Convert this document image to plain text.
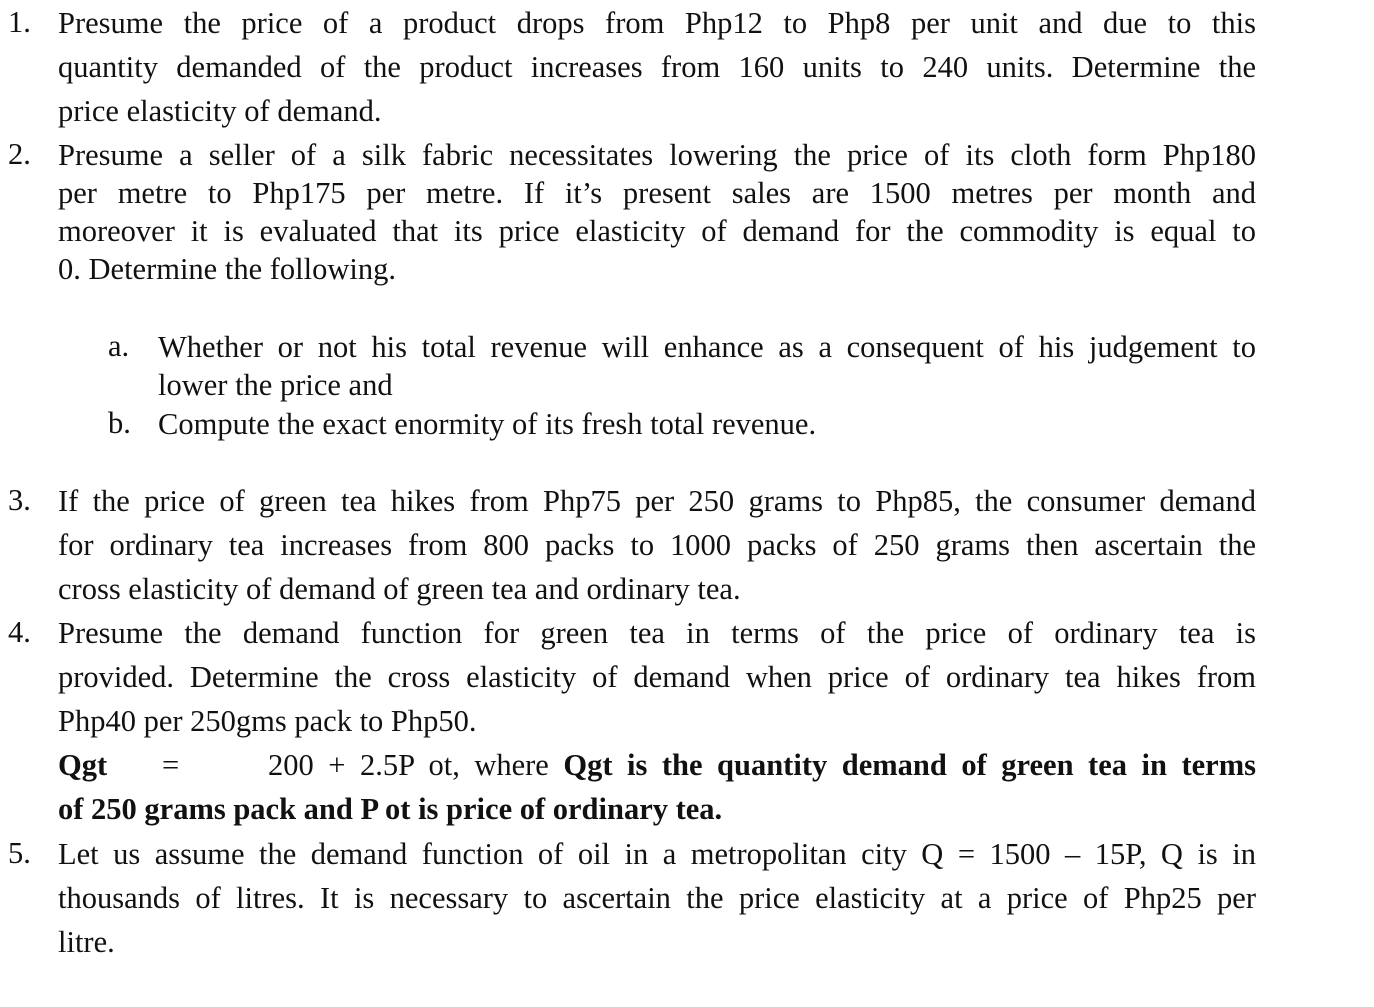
1. Presume the price of a product drops from Php12 to Php8 per unit and due to this
quantity demanded of the product increases from 160 units to 240 units. Determine the
price elasticity of demand.
2. Presume a seller of a silk fabric necessitates lowering the price of its cloth form Php180
per metre to Php175 per metre. If it’s present sales are 1500 metres per month and
moreover it is evaluated that its price elasticity of demand for the commodity is equal to
0. Determine the following.
a. Whether or not his total revenue will enhance as a consequent of his judgement to
lower the price and
b. Compute the exact enormity of its fresh total revenue.
3. If the price of green tea hikes from Php75 per 250 grams to Php85, the consumer demand
for ordinary tea increases from 800 packs to 1000 packs of 250 grams then ascertain the
cross elasticity of demand of green tea and ordinary tea.
4. Presume the demand function for green tea in terms of the price of ordinary tea is
provided. Determine the cross elasticity of demand when price of ordinary tea hikes from
Php40 per 250gms pack to Php50.
Qgt =	200 + 2.5P ot, where Qgt is the quantity demand of green tea in terms
of 250 grams pack and P ot is price of ordinary tea.
5. Let us assume the demand function of oil in a metropolitan city Q = 1500 – 15P, Q is in
thousands of litres. It is necessary to ascertain the price elasticity at a price of Php25 per
litre.
